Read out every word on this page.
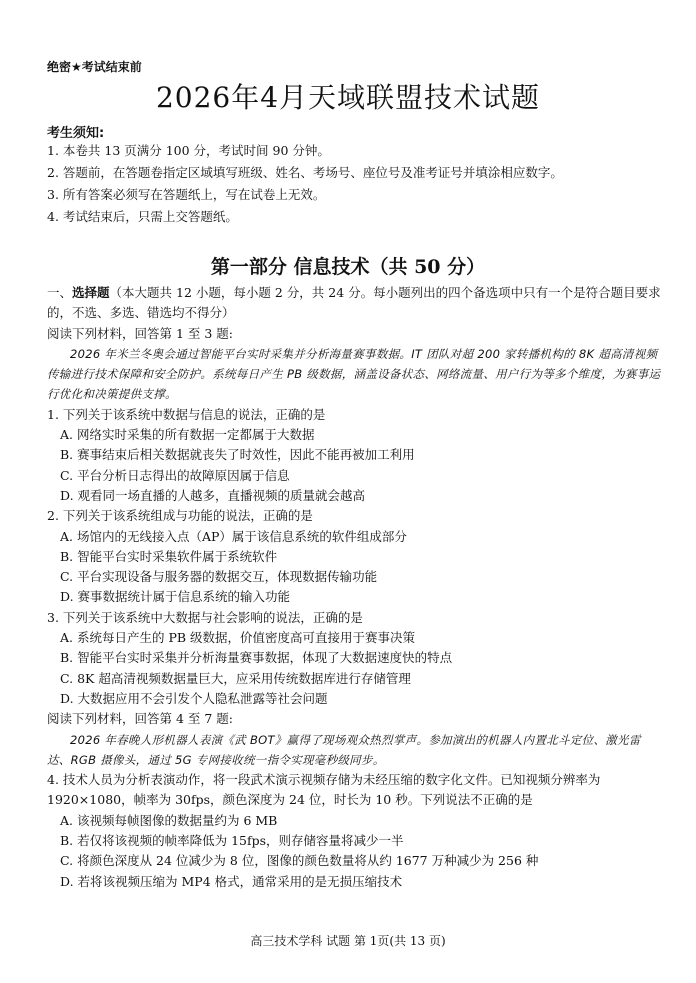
绝密★考试结束前
2026年4月天域联盟技术试题
考生须知:
1. 本卷共 13 页满分 100 分，考试时间 90 分钟。
2. 答题前，在答题卷指定区域填写班级、姓名、考场号、座位号及准考证号并填涂相应数字。
3. 所有答案必须写在答题纸上，写在试卷上无效。
4. 考试结束后，只需上交答题纸。
第一部分 信息技术（共 50 分）
一、选择题（本大题共 12 小题，每小题 2 分，共 24 分。每小题列出的四个备选项中只有一个是符合题目要求的，不选、多选、错选均不得分）
阅读下列材料，回答第 1 至 3 题:
2026 年米兰冬奥会通过智能平台实时采集并分析海量赛事数据。IT 团队对超 200 家转播机构的 8K 超高清视频传输进行技术保障和安全防护。系统每日产生 PB 级数据，涵盖设备状态、网络流量、用户行为等多个维度，为赛事运行优化和决策提供支撑。
1. 下列关于该系统中数据与信息的说法，正确的是
A. 网络实时采集的所有数据一定都属于大数据
B. 赛事结束后相关数据就丧失了时效性，因此不能再被加工利用
C. 平台分析日志得出的故障原因属于信息
D. 观看同一场直播的人越多，直播视频的质量就会越高
2. 下列关于该系统组成与功能的说法，正确的是
A. 场馆内的无线接入点（AP）属于该信息系统的软件组成部分
B. 智能平台实时采集软件属于系统软件
C. 平台实现设备与服务器的数据交互，体现数据传输功能
D. 赛事数据统计属于信息系统的输入功能
3. 下列关于该系统中大数据与社会影响的说法，正确的是
A. 系统每日产生的 PB 级数据，价值密度高可直接用于赛事决策
B. 智能平台实时采集并分析海量赛事数据，体现了大数据速度快的特点
C. 8K 超高清视频数据量巨大，应采用传统数据库进行存储管理
D. 大数据应用不会引发个人隐私泄露等社会问题
阅读下列材料，回答第 4 至 7 题:
2026 年春晚人形机器人表演《武 BOT》赢得了现场观众热烈掌声。参加演出的机器人内置北斗定位、激光雷达、RGB 摄像头，通过 5G 专网接收统一指令实现毫秒级同步。
4. 技术人员为分析表演动作，将一段武术演示视频存储为未经压缩的数字化文件。已知视频分辨率为 1920×1080，帧率为 30fps，颜色深度为 24 位，时长为 10 秒。下列说法不正确的是
A. 该视频每帧图像的数据量约为 6 MB
B. 若仅将该视频的帧率降低为 15fps，则存储容量将减少一半
C. 将颜色深度从 24 位减少为 8 位，图像的颜色数量将从约 1677 万种减少为 256 种
D. 若将该视频压缩为 MP4 格式，通常采用的是无损压缩技术
高三技术学科 试题 第 1页(共 13 页)
